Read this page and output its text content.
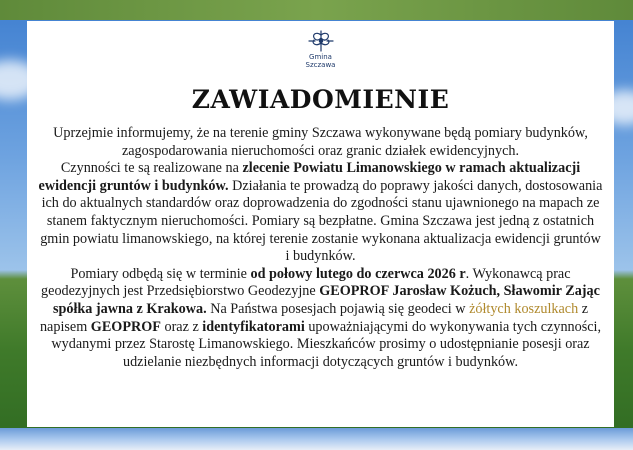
Gmina
Szczawa
ZAWIADOMIENIE

Uprzejmie informujemy, że na terenie gminy Szczawa wykonywane będą pomiary budynków, zagospodarowania nieruchomości oraz granic działek ewidencyjnych.

Czynności te są realizowane na zlecenie Powiatu Limanowskiego w ramach aktualizacji ewidencji gruntów i budynków. Działania te prowadzą do poprawy jakości danych, dostosowania ich do aktualnych standardów oraz doprowadzenia do zgodności stanu ujawnionego na mapach ze stanem faktycznym nieruchomości. Pomiary są bezpłatne. Gmina Szczawa jest jedną z ostatnich gmin powiatu limanowskiego, na której terenie zostanie wykonana aktualizacja ewidencji gruntów i budynków.

Pomiary odbędą się w terminie od połowy lutego do czerwca 2026 r. Wykonawcą prac geodezyjnych jest Przedsiębiorstwo Geodezyjne GEOPROF Jarosław Kożuch, Sławomir Zając spółka jawna z Krakowa. Na Państwa posesjach pojawią się geodeci w żółtych koszulkach z napisem GEOPROF oraz z identyfikatorami upoważniającymi do wykonywania tych czynności, wydanymi przez Starostę Limanowskiego. Mieszkańców prosimy o udostępnianie posesji oraz udzielanie niezbędnych informacji dotyczących gruntów i budynków.
